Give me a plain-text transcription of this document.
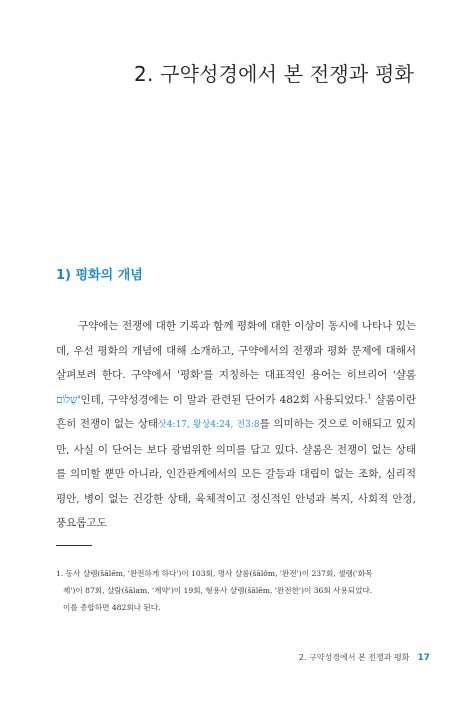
2. 구약성경에서 본 전쟁과 평화
1) 평화의 개념

구약에는 전쟁에 대한 기록과 함께 평화에 대한 이상이 동시에 나타나 있는데, 우선 평화의 개념에 대해 소개하고, 구약에서의 전쟁과 평화 문제에 대해서 살펴보려 한다. 구약에서 '평화'를 지칭하는 대표적인 용어는 히브리어 '샬롬שָׁלוֹם'인데, 구약성경에는 이 말과 관련된 단어가 482회 사용되었다.$^1$ 샬롬이란 흔히 전쟁이 없는 상태삿4:17, 왕상4:24, 전3:8를 의미하는 것으로 이해되고 있지만, 사실 이 단어는 보다 광범위한 의미를 담고 있다. 샬롬은 전쟁이 없는 상태를 의미할 뿐만 아니라, 인간관계에서의 모든 갈등과 대립이 없는 조화, 심리적 평안, 병이 없는 건강한 상태, 육체적이고 정신적인 안녕과 복지, 사회적 안정, 풍요롭고도

1. 동사 샬렘(šālēm, '완전하게 하다')이 103회, 명사 샬롬(šālôm, '완전')이 237회, 셸렘('화목
제')이 87회, 샬람(šālam, '계약')이 19회, 형용사 샬렘(šālēm, '완전한')이 36회 사용되었다.
이를 종합하면 482회나 된다.

2. 구약성경에서 본 전쟁과 평화 17
